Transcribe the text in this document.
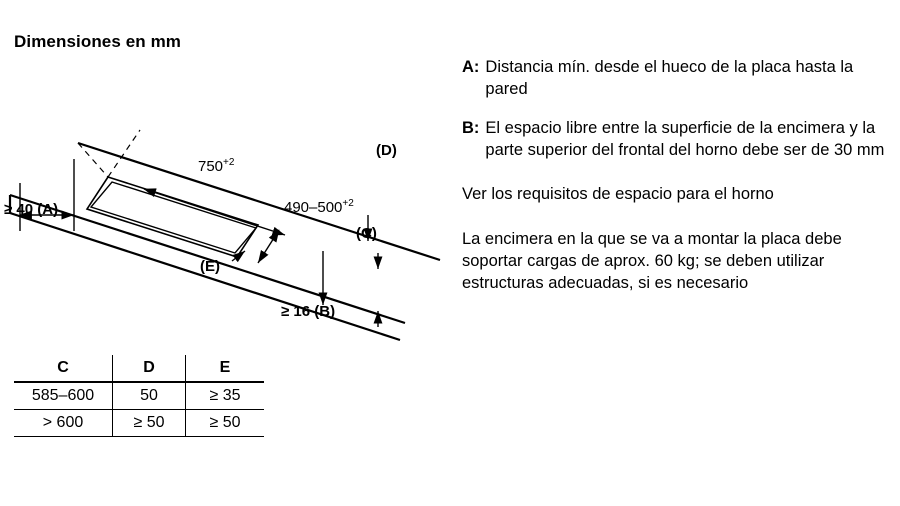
Dimensiones en mm
$750^{+2}$
$490-500^{+2}$
≥ 40 (A)
≥ 16 (B)
(C)
(D)
(E)
C	D	E
585–600	50	≥ 35
> 600	≥ 50	≥ 50
A: Distancia mín. desde el hueco de la placa hasta la pared
B: El espacio libre entre la superficie de la encimera y la parte superior del frontal del horno debe ser de 30 mm
Ver los requisitos de espacio para el horno
La encimera en la que se va a montar la placa debe soportar cargas de aprox. 60 kg; se deben utilizar estructuras adecuadas, si es necesario
